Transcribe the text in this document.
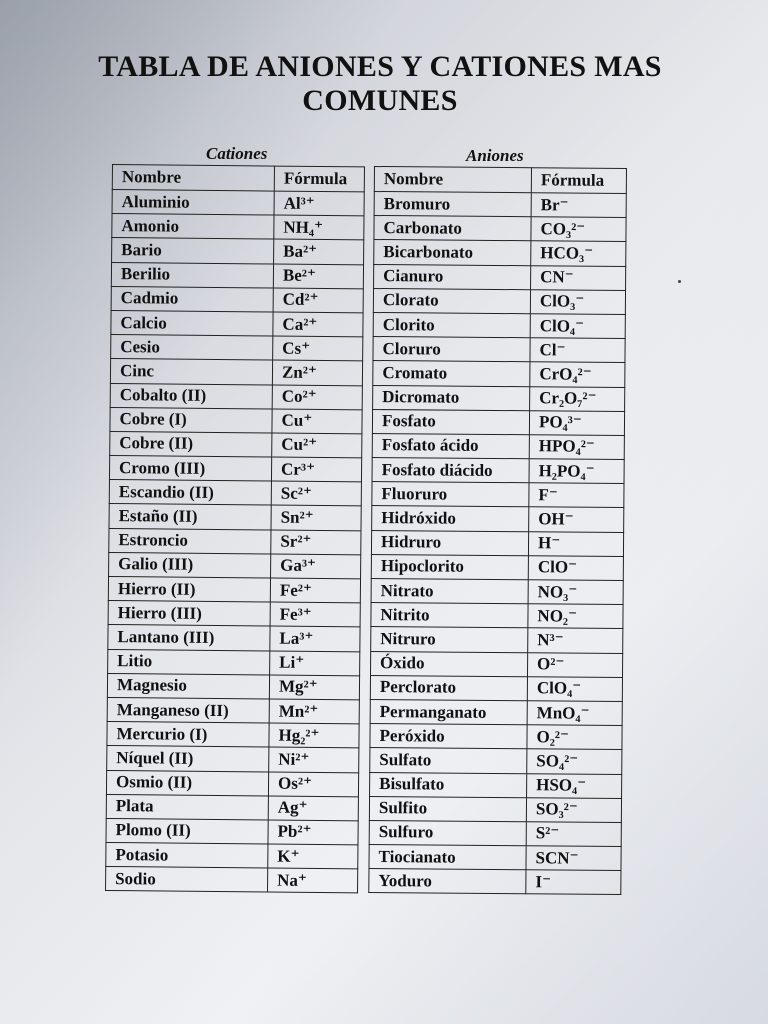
TABLA DE ANIONES Y CATIONES MAS COMUNES
Cationes	Aniones
Nombre	Fórmula
Aluminio	Al³⁺
Amonio	NH₄⁺
Bario	Ba²⁺
Berilio	Be²⁺
Cadmio	Cd²⁺
Calcio	Ca²⁺
Cesio	Cs⁺
Cinc	Zn²⁺
Cobalto (II)	Co²⁺
Cobre (I)	Cu⁺
Cobre (II)	Cu²⁺
Cromo (III)	Cr³⁺
Escandio (II)	Sc²⁺
Estaño (II)	Sn²⁺
Estroncio	Sr²⁺
Galio (III)	Ga³⁺
Hierro (II)	Fe²⁺
Hierro (III)	Fe³⁺
Lantano (III)	La³⁺
Litio	Li⁺
Magnesio	Mg²⁺
Manganeso (II)	Mn²⁺
Mercurio (I)	Hg₂²⁺
Níquel (II)	Ni²⁺
Osmio (II)	Os²⁺
Plata	Ag⁺
Plomo (II)	Pb²⁺
Potasio	K⁺
Sodio	Na⁺
Nombre	Fórmula
Bromuro	Br⁻
Carbonato	CO₃²⁻
Bicarbonato	HCO₃⁻
Cianuro	CN⁻
Clorato	ClO₃⁻
Clorito	ClO₄⁻
Cloruro	Cl⁻
Cromato	CrO₄²⁻
Dicromato	Cr₂O₇²⁻
Fosfato	PO₄³⁻
Fosfato ácido	HPO₄²⁻
Fosfato diácido	H₂PO₄⁻
Fluoruro	F⁻
Hidróxido	OH⁻
Hidruro	H⁻
Hipoclorito	ClO⁻
Nitrato	NO₃⁻
Nitrito	NO₂⁻
Nitruro	N³⁻
Óxido	O²⁻
Perclorato	ClO₄⁻
Permanganato	MnO₄⁻
Peróxido	O₂²⁻
Sulfato	SO₄²⁻
Bisulfato	HSO₄⁻
Sulfito	SO₃²⁻
Sulfuro	S²⁻
Tiocianato	SCN⁻
Yoduro	I⁻
